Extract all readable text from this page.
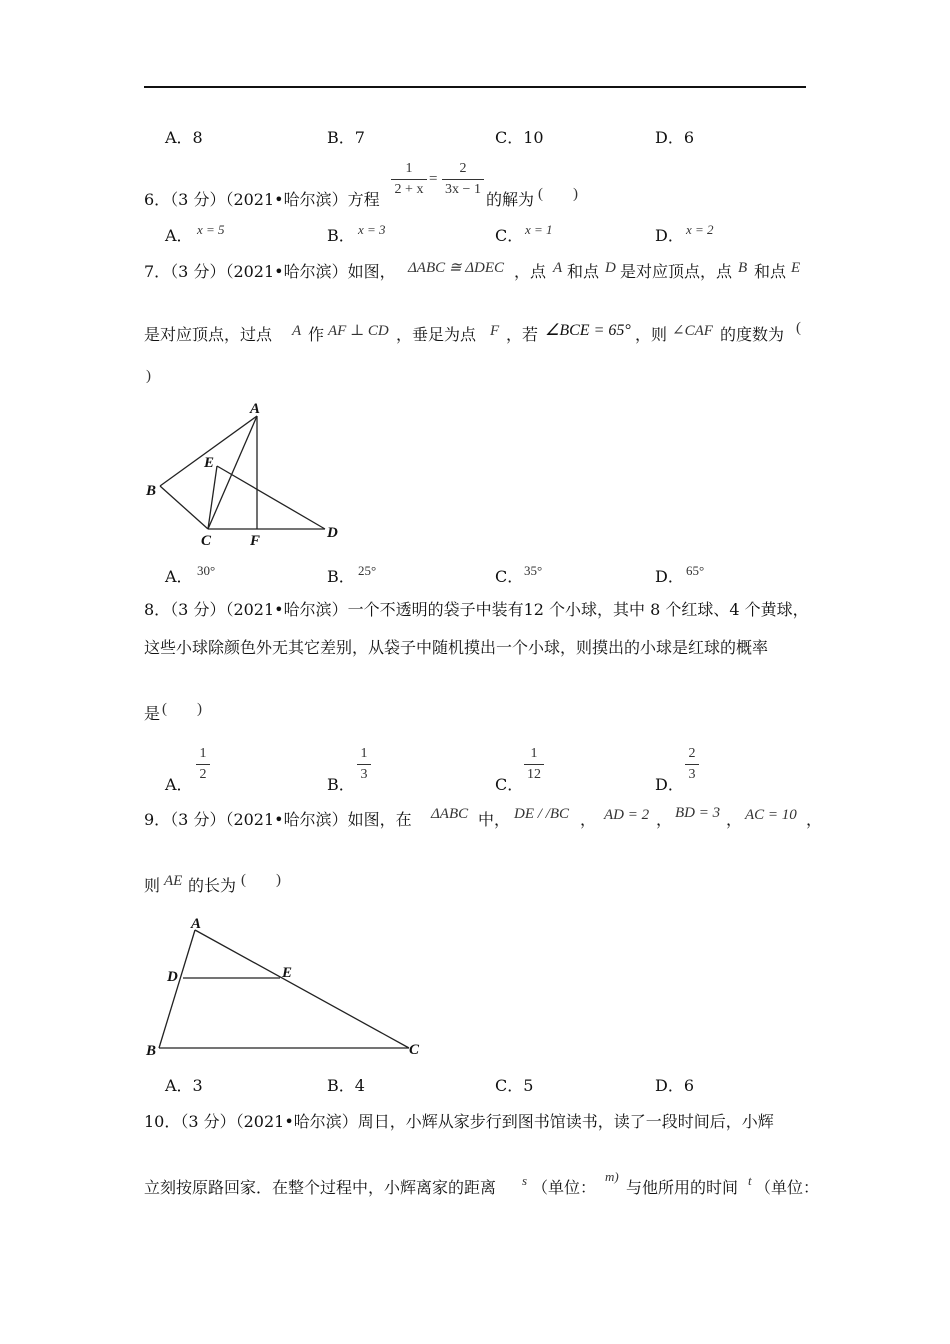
A．8	B．7	C．10	D．6
6．（3 分）（2021•哈尔滨）方程
1
2 + x
=
2
3x − 1
的解为 (　　)
A． x = 5	B． x = 3	C． x = 1	D． x = 2
7．（3 分）（2021•哈尔滨）如图， ΔABC ≅ ΔDEC ，点 A 和点 D 是对应顶点，点 B 和点 E
是对应顶点，过点 A 作 AF ⊥ CD ，垂足为点 F ，若 ∠BCE = 65° ，则 ∠CAF 的度数为 (
)
A
E
B
C	F	D
A． 30°	B． 25°	C． 35°	D． 65°
8．（3 分）（2021•哈尔滨）一个不透明的袋子中装有12 个小球，其中 8 个红球、4 个黄球，
这些小球除颜色外无其它差别，从袋子中随机摸出一个小球，则摸出的小球是红球的概率
是 (　　)
A．
1
2
B．
1
3
C．
1
12
D．
2
3
9．（3 分）（2021•哈尔滨）如图，在 ΔABC 中， DE / /BC ， AD = 2 ， BD = 3 ， AC = 10 ，
则 AE 的长为 (　　)
A
D	E
B	C
A．3	B．4	C．5	D．6
10．（3 分）（2021•哈尔滨）周日，小辉从家步行到图书馆读书，读了一段时间后，小辉
立刻按原路回家．在整个过程中，小辉离家的距离 s （单位：
m)
与他所用的时间 t （单位：
